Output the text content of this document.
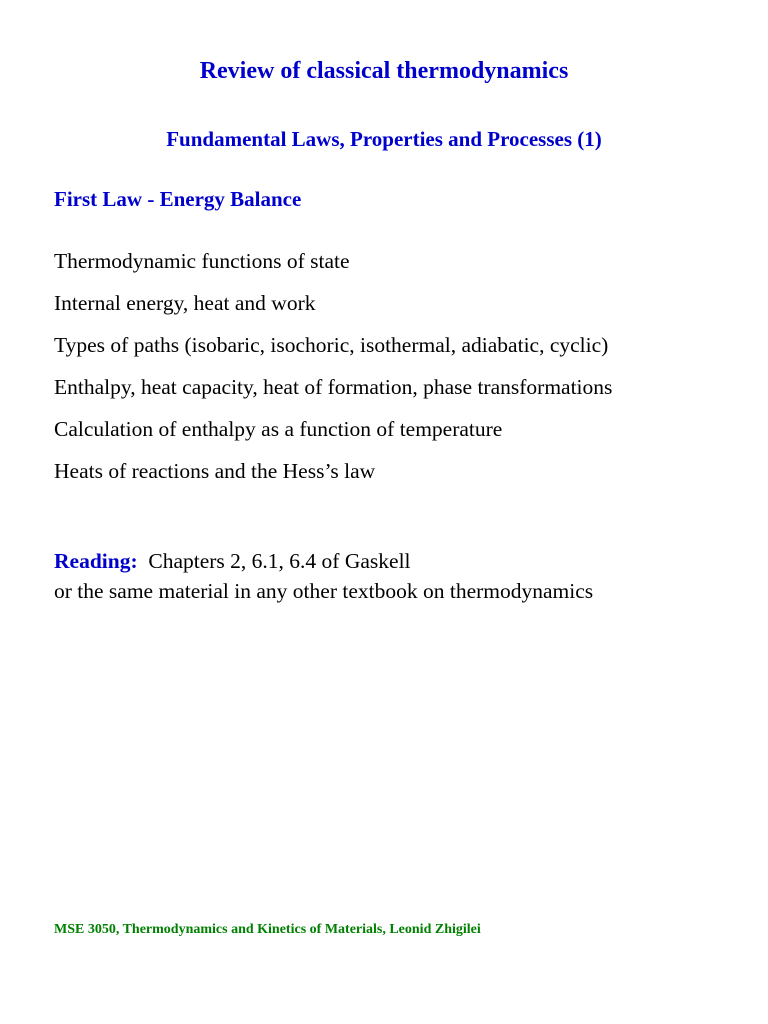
Review of classical thermodynamics
Fundamental Laws, Properties and Processes (1)
First Law - Energy Balance
Thermodynamic functions of state
Internal energy, heat and work
Types of paths (isobaric, isochoric, isothermal, adiabatic, cyclic)
Enthalpy, heat capacity, heat of formation, phase transformations
Calculation of enthalpy as a function of temperature
Heats of reactions and the Hess’s law
Reading: Chapters 2, 6.1, 6.4 of Gaskell
or the same material in any other textbook on thermodynamics
MSE 3050, Thermodynamics and Kinetics of Materials, Leonid Zhigilei
